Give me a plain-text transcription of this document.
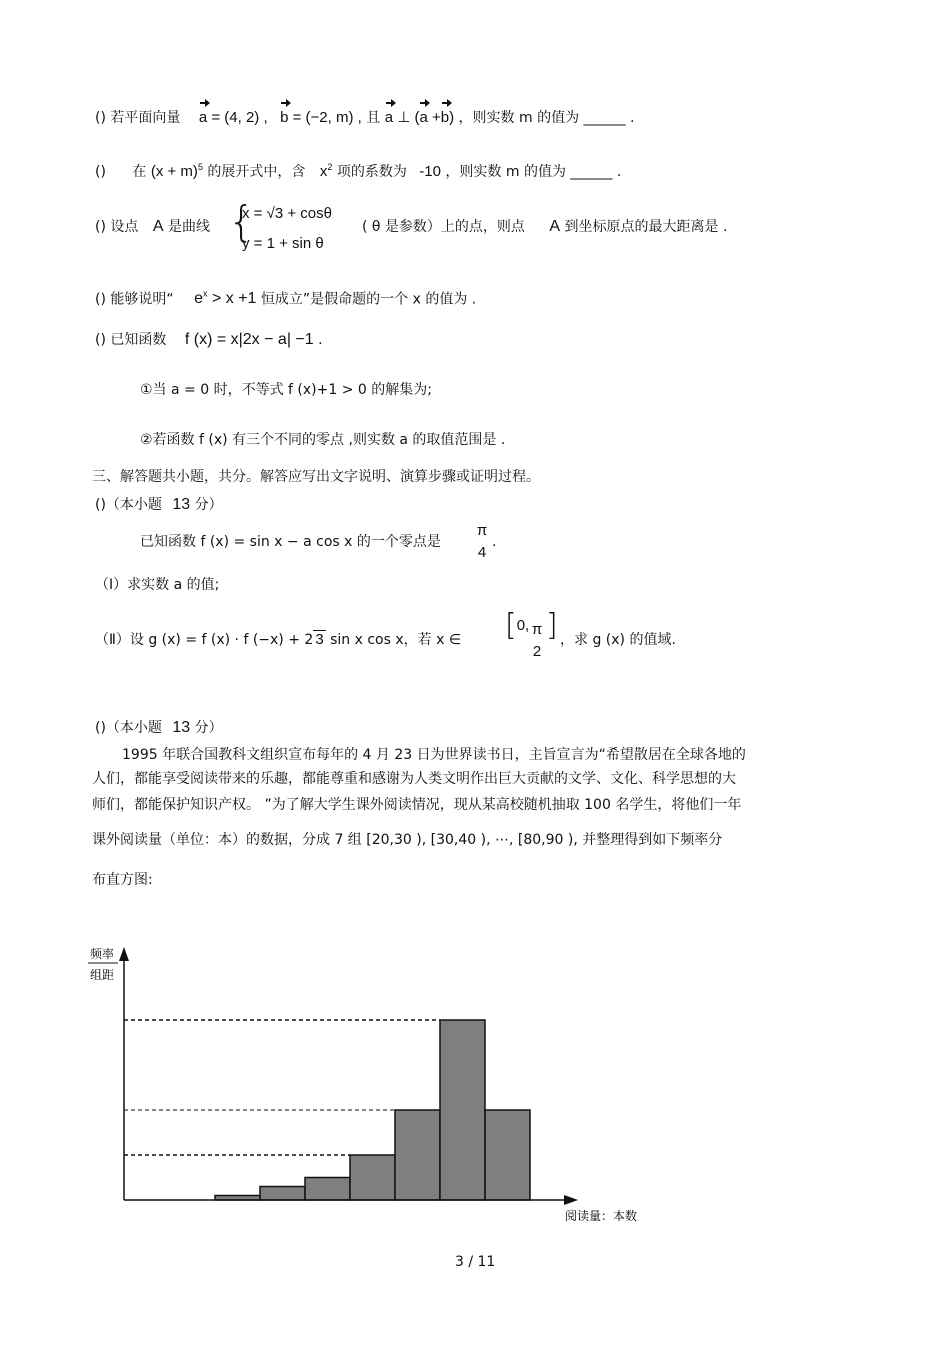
() 若平面向量 a = (4, 2) , b = (−2, m) , 且 a ⊥ (a +b) ，则实数 m 的值为 ______ .
() 在 $(x + m)^5$ 的展开式中，含 $x^2$ 项的系数为 -10 ，则实数 m 的值为 ______ .
() 设点 A 是曲线 {
x = √3 + cosθ
y = 1 + sin θ
( θ 是参数）上的点，则点 A 到坐标原点的最大距离是 .
() 能够说明“ $e^x > x +1$ 恒成立”是假命题的一个 x 的值为 .
() 已知函数 f (x) = x|2x − a| −1 .
①当 a = 0 时，不等式 f (x)+1 > 0 的解集为;
②若函数 f (x) 有三个不同的零点 ,则实数 a 的取值范围是 .
三、解答题共小题，共分。解答应写出文字说明、演算步骤或证明过程。
()（本小题 13 分）
已知函数 f (x) = sin x − a cos x 的一个零点是
π
4
.
（Ⅰ）求实数 a 的值;
（Ⅱ）设 g (x) = f (x) · f (−x) + 2 3 sin x cos x，若 x ∈ [0, π
2
] ，求 g (x) 的值域.
()（本小题 13 分）
1995 年联合国教科文组织宣布每年的 4 月 23 日为世界读书日，主旨宣言为“希望散居在全球各地的
人们，都能享受阅读带来的乐趣，都能尊重和感谢为人类文明作出巨大贡献的文学、文化、科学思想的大
师们，都能保护知识产权。 ”为了解大学生课外阅读情况，现从某高校随机抽取 100 名学生，将他们一年
课外阅读量（单位：本）的数据，分成 7 组 [20,30 ), [30,40 ), ⋯, [80,90 ), 并整理得到如下频率分
布直方图:
频率
组距
阅读量：本数
3 / 11
